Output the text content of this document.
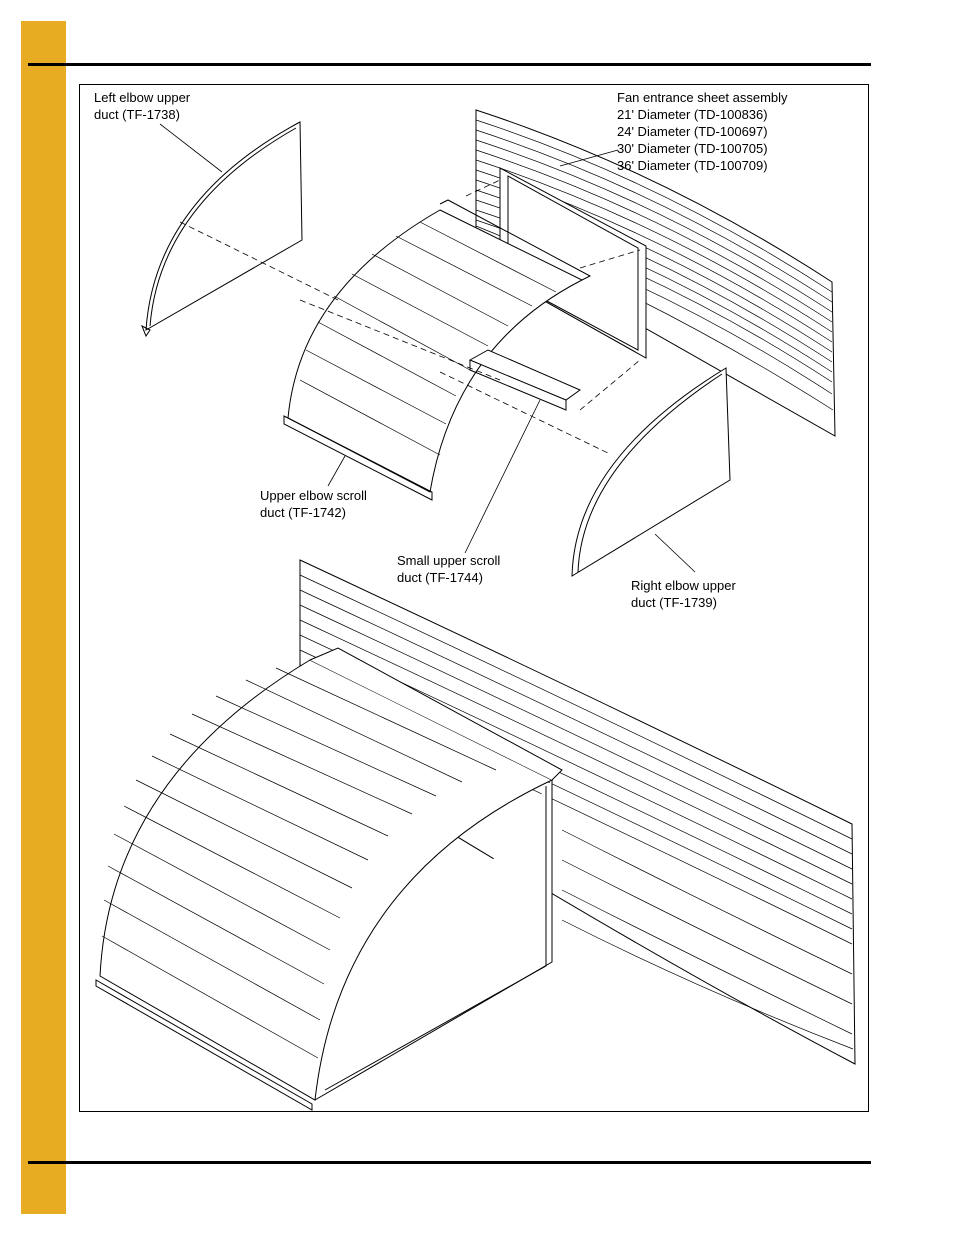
Left elbow upper
duct (TF-1738)
Fan entrance sheet assembly
21' Diameter (TD-100836)
24' Diameter (TD-100697)
30' Diameter (TD-100705)
36' Diameter (TD-100709)
Upper elbow scroll
duct (TF-1742)
Small upper scroll
duct (TF-1744)
Right elbow upper
duct (TF-1739)
